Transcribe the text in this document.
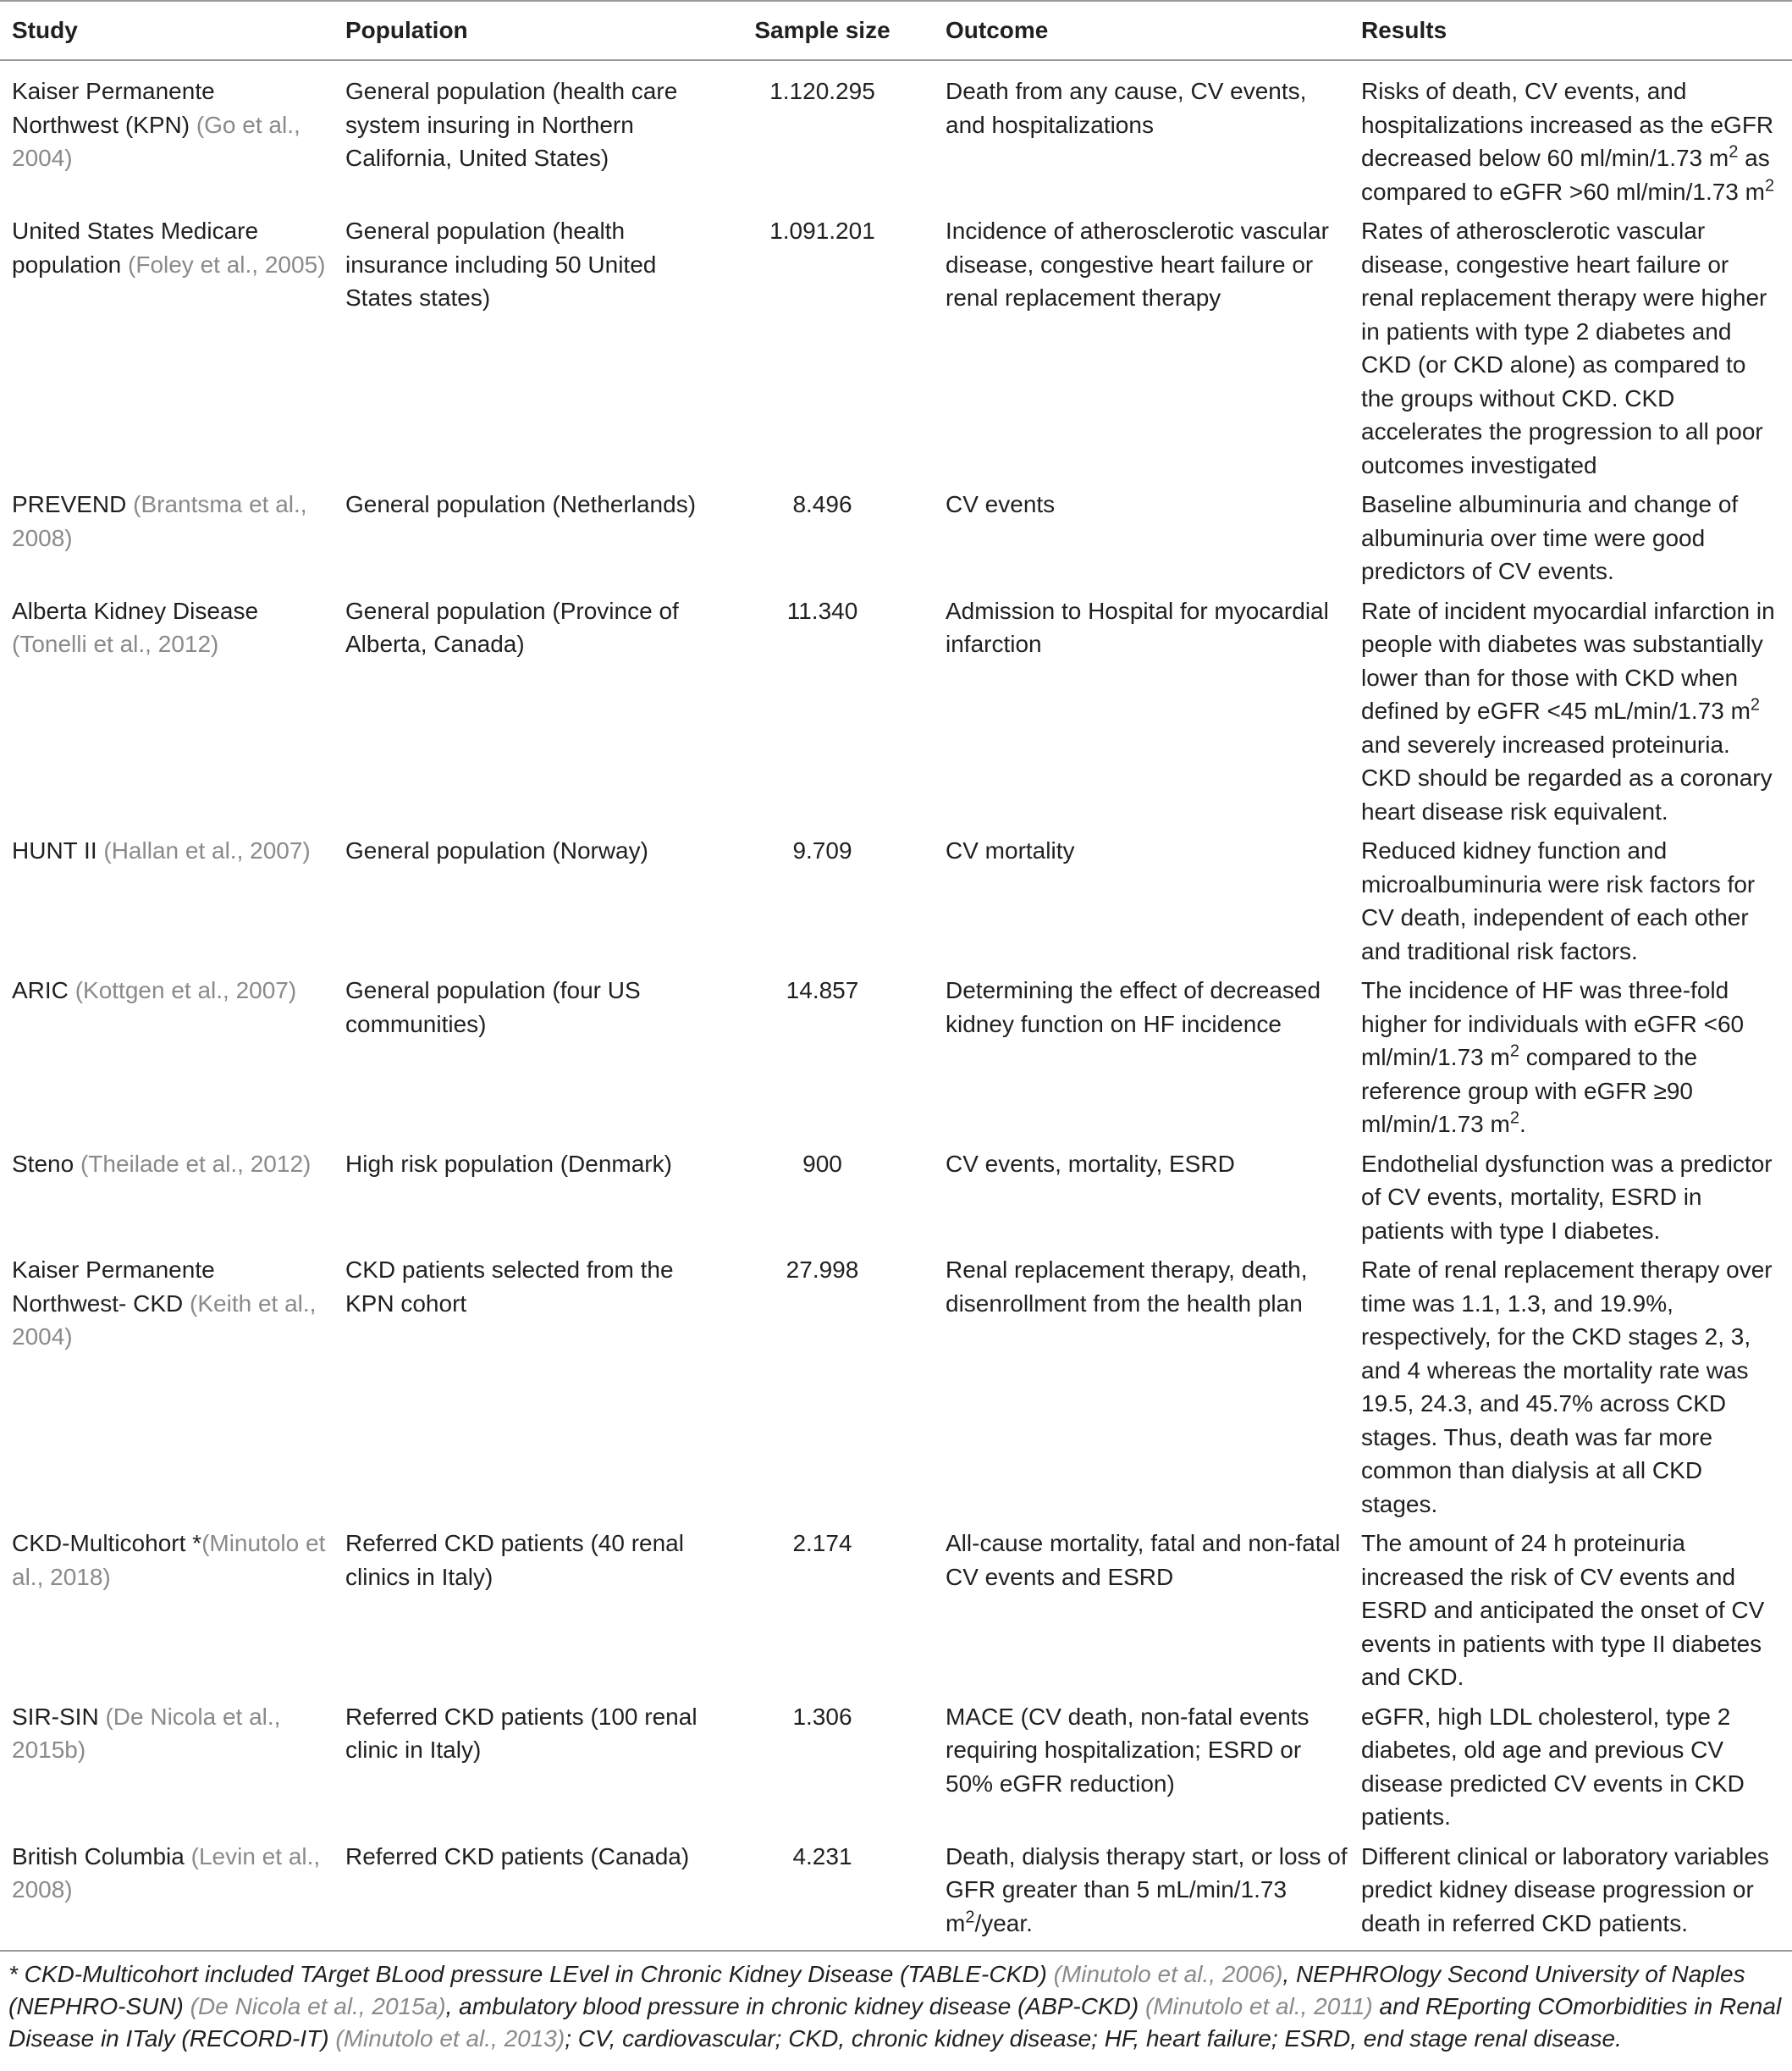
Study	Population	Sample size	Outcome	Results
Kaiser Permanente Northwest (KPN) (Go et al., 2004)	General population (health care system insuring in Northern California, United States)	1.120.295	Death from any cause, CV events, and hospitalizations	Risks of death, CV events, and hospitalizations increased as the eGFR decreased below 60 ml/min/1.73 $m^2$ as compared to eGFR >60 ml/min/1.73 $m^2$
United States Medicare population (Foley et al., 2005)	General population (health insurance including 50 United States states)	1.091.201	Incidence of atherosclerotic vascular disease, congestive heart failure or renal replacement therapy	Rates of atherosclerotic vascular disease, congestive heart failure or renal replacement therapy were higher in patients with type 2 diabetes and CKD (or CKD alone) as compared to the groups without CKD. CKD accelerates the progression to all poor outcomes investigated
PREVEND (Brantsma et al., 2008)	General population (Netherlands)	8.496	CV events	Baseline albuminuria and change of albuminuria over time were good predictors of CV events.
Alberta Kidney Disease (Tonelli et al., 2012)	General population (Province of Alberta, Canada)	11.340	Admission to Hospital for myocardial infarction	Rate of incident myocardial infarction in people with diabetes was substantially lower than for those with CKD when defined by eGFR <45 mL/min/1.73 $m^2$ and severely increased proteinuria. CKD should be regarded as a coronary heart disease risk equivalent.
HUNT II (Hallan et al., 2007)	General population (Norway)	9.709	CV mortality	Reduced kidney function and microalbuminuria were risk factors for CV death, independent of each other and traditional risk factors.
ARIC (Kottgen et al., 2007)	General population (four US communities)	14.857	Determining the effect of decreased kidney function on HF incidence	The incidence of HF was three-fold higher for individuals with eGFR <60 ml/min/1.73 $m^2$ compared to the reference group with eGFR ≥90 ml/min/1.73 $m^2$.
Steno (Theilade et al., 2012)	High risk population (Denmark)	900	CV events, mortality, ESRD	Endothelial dysfunction was a predictor of CV events, mortality, ESRD in patients with type I diabetes.
Kaiser Permanente Northwest- CKD (Keith et al., 2004)	CKD patients selected from the KPN cohort	27.998	Renal replacement therapy, death, disenrollment from the health plan	Rate of renal replacement therapy over time was 1.1, 1.3, and 19.9%, respectively, for the CKD stages 2, 3, and 4 whereas the mortality rate was 19.5, 24.3, and 45.7% across CKD stages. Thus, death was far more common than dialysis at all CKD stages.
CKD-Multicohort *(Minutolo et al., 2018)	Referred CKD patients (40 renal clinics in Italy)	2.174	All-cause mortality, fatal and non-fatal CV events and ESRD	The amount of 24 h proteinuria increased the risk of CV events and ESRD and anticipated the onset of CV events in patients with type II diabetes and CKD.
SIR-SIN (De Nicola et al., 2015b)	Referred CKD patients (100 renal clinic in Italy)	1.306	MACE (CV death, non-fatal events requiring hospitalization; ESRD or 50% eGFR reduction)	eGFR, high LDL cholesterol, type 2 diabetes, old age and previous CV disease predicted CV events in CKD patients.
British Columbia (Levin et al., 2008)	Referred CKD patients (Canada)	4.231	Death, dialysis therapy start, or loss of GFR greater than 5 mL/min/1.73 $m^2$/year.	Different clinical or laboratory variables predict kidney disease progression or death in referred CKD patients.
* CKD-Multicohort included TArget BLood pressure LEvel in Chronic Kidney Disease (TABLE-CKD) (Minutolo et al., 2006), NEPHROlogy Second University of Naples (NEPHRO-SUN) (De Nicola et al., 2015a), ambulatory blood pressure in chronic kidney disease (ABP-CKD) (Minutolo et al., 2011) and REporting COmorbidities in Renal Disease in ITaly (RECORD-IT) (Minutolo et al., 2013); CV, cardiovascular; CKD, chronic kidney disease; HF, heart failure; ESRD, end stage renal disease.
